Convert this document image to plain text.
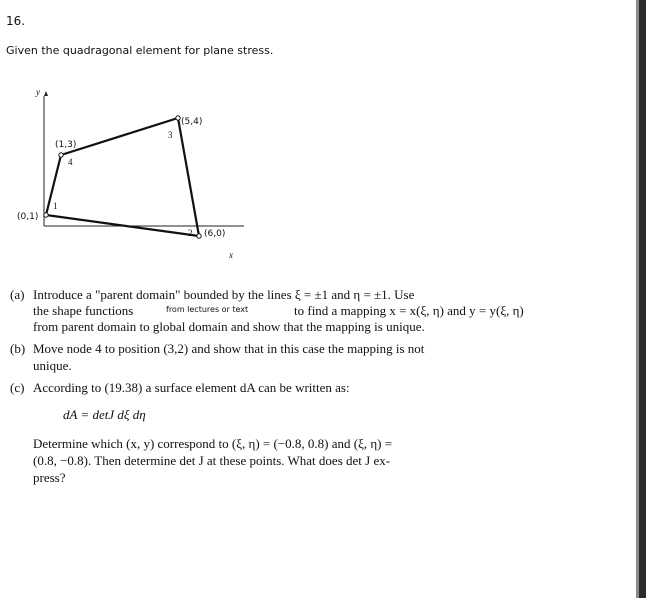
16.
Given the quadragonal element for plane stress.
y
x
(5,4)
3
(1,3)
4
(0,1)
1
2 (6,0)
(a) Introduce a "parent domain" bounded by the lines ξ = ±1 and η = ±1. Use
the shape functions	from lectures or text	to find a mapping x = x(ξ, η) and y = y(ξ, η)
from parent domain to global domain and show that the mapping is unique.
(b) Move node 4 to position (3,2) and show that in this case the mapping is not
unique.
(c) According to (19.38) a surface element dA can be written as:
dA = detJ dξ dη
Determine which (x, y) correspond to (ξ, η) = (−0.8, 0.8) and (ξ, η) =
(0.8, −0.8). Then determine det J at these points. What does det J ex-
press?
